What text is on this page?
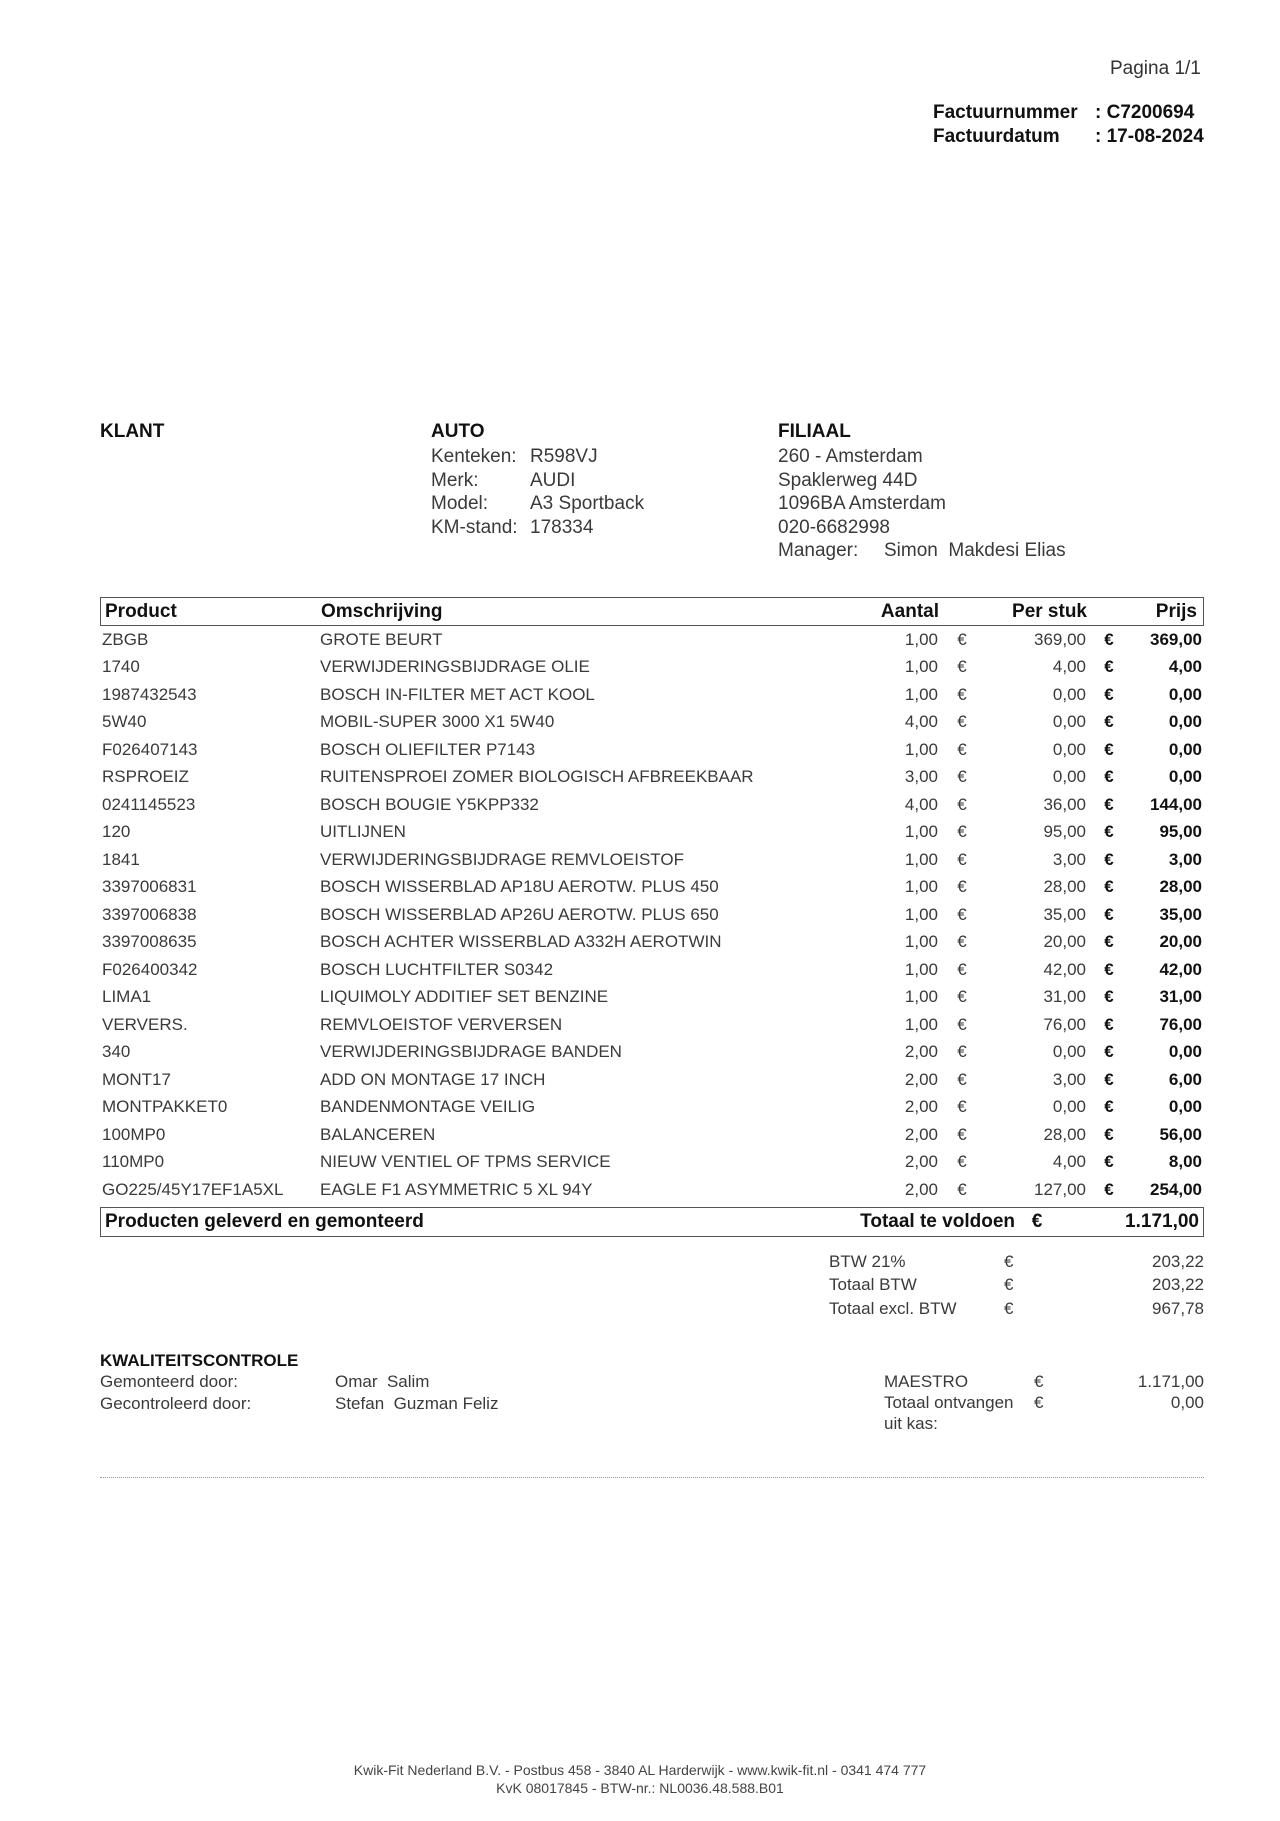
Pagina 1/1
Factuurnummer : C7200694
Factuurdatum	: 17-08-2024
KLANT	AUTO
Kenteken: R598VJ
Merk:	AUDI
Model:	A3 Sportback
KM-stand: 178334
FILIAAL
260 - Amsterdam
Spaklerweg 44D
1096BA Amsterdam
020-6682998
Manager:	Simon  Makdesi Elias
Product	Omschrijving	Aantal	Per stuk	Prijs
ZBGB	GROTE BEURT	1,00	€	369,00	€	369,00
1740	VERWIJDERINGSBIJDRAGE OLIE	1,00	€	4,00	€	4,00
1987432543	BOSCH IN-FILTER MET ACT KOOL	1,00	€	0,00	€	0,00
5W40	MOBIL-SUPER 3000 X1 5W40	4,00	€	0,00	€	0,00
F026407143	BOSCH OLIEFILTER P7143	1,00	€	0,00	€	0,00
RSPROEIZ	RUITENSPROEI ZOMER BIOLOGISCH AFBREEKBAAR	3,00	€	0,00	€	0,00
0241145523	BOSCH BOUGIE Y5KPP332	4,00	€	36,00	€	144,00
120	UITLIJNEN	1,00	€	95,00	€	95,00
1841	VERWIJDERINGSBIJDRAGE REMVLOEISTOF	1,00	€	3,00	€	3,00
3397006831	BOSCH WISSERBLAD AP18U AEROTW. PLUS 450	1,00	€	28,00	€	28,00
3397006838	BOSCH WISSERBLAD AP26U AEROTW. PLUS 650	1,00	€	35,00	€	35,00
3397008635	BOSCH ACHTER WISSERBLAD A332H AEROTWIN	1,00	€	20,00	€	20,00
F026400342	BOSCH LUCHTFILTER S0342	1,00	€	42,00	€	42,00
LIMA1	LIQUIMOLY ADDITIEF SET BENZINE	1,00	€	31,00	€	31,00
VERVERS.	REMVLOEISTOF VERVERSEN	1,00	€	76,00	€	76,00
340	VERWIJDERINGSBIJDRAGE BANDEN	2,00	€	0,00	€	0,00
MONT17	ADD ON MONTAGE 17 INCH	2,00	€	3,00	€	6,00
MONTPAKKET0	BANDENMONTAGE VEILIG	2,00	€	0,00	€	0,00
100MP0	BALANCEREN	2,00	€	28,00	€	56,00
110MP0	NIEUW VENTIEL OF TPMS SERVICE	2,00	€	4,00	€	8,00
GO225/45Y17EF1A5XL	EAGLE F1 ASYMMETRIC 5 XL 94Y	2,00	€	127,00	€	254,00
Producten geleverd en gemonteerd	Totaal te voldoen €	1.171,00
BTW 21%	€	203,22
Totaal BTW	€	203,22
Totaal excl. BTW	€	967,78
KWALITEITSCONTROLE
Gemonteerd door:	Omar  Salim
Gecontroleerd door:	Stefan  Guzman Feliz
MAESTRO	€	1.171,00
Totaal ontvangen	€	0,00
uit kas:
Kwik-Fit Nederland B.V. - Postbus 458 - 3840 AL Harderwijk - www.kwik-fit.nl - 0341 474 777
KvK 08017845 - BTW-nr.: NL0036.48.588.B01
